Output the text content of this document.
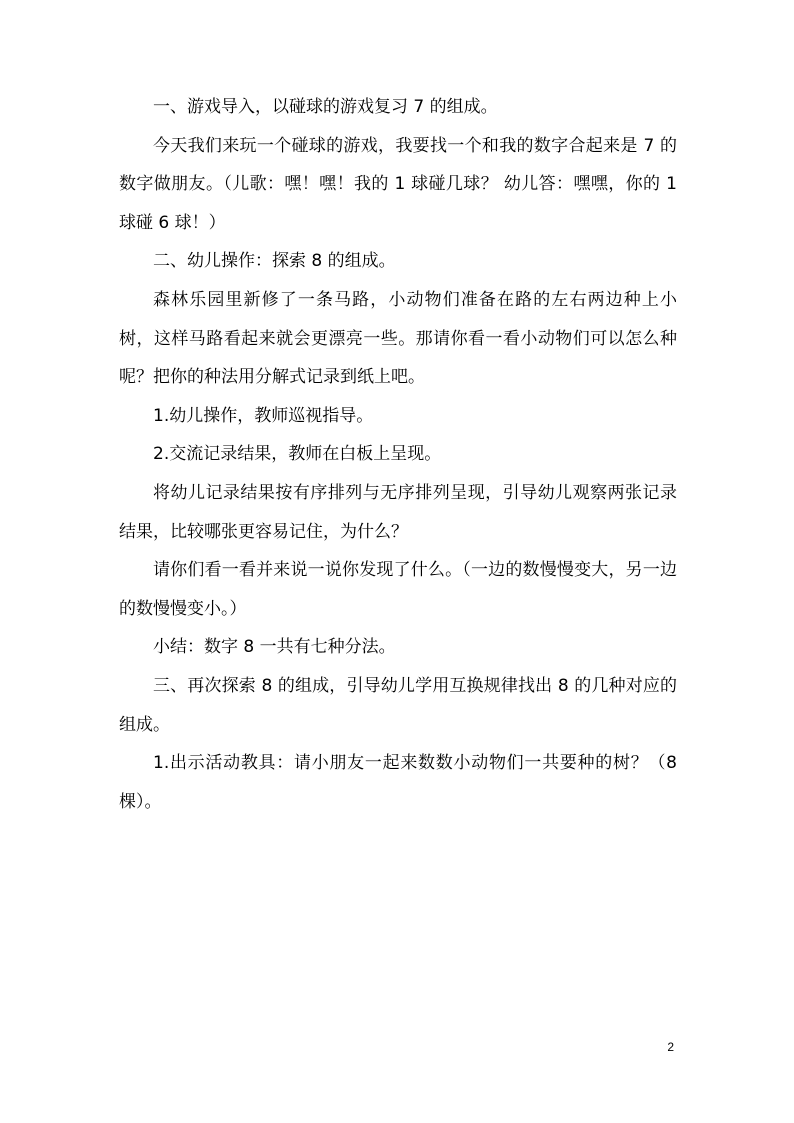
一、游戏导入，以碰球的游戏复习 7 的组成。

今天我们来玩一个碰球的游戏，我要找一个和我的数字合起来是 7 的数字做朋友。（儿歌：嘿！嘿！我的 1 球碰几球？ 幼儿答：嘿嘿，你的 1 球碰 6 球！）

二、幼儿操作：探索 8 的组成。

森林乐园里新修了一条马路，小动物们准备在路的左右两边种上小树，这样马路看起来就会更漂亮一些。那请你看一看小动物们可以怎么种呢？把你的种法用分解式记录到纸上吧。

1.幼儿操作，教师巡视指导。

2.交流记录结果，教师在白板上呈现。

将幼儿记录结果按有序排列与无序排列呈现，引导幼儿观察两张记录结果，比较哪张更容易记住，为什么？

请你们看一看并来说一说你发现了什么。（一边的数慢慢变大，另一边的数慢慢变小。）

小结：数字 8 一共有七种分法。

三、再次探索 8 的组成，引导幼儿学用互换规律找出 8 的几种对应的组成。

1.出示活动教具：请小朋友一起来数数小动物们一共要种的树？（8 棵）。

2
